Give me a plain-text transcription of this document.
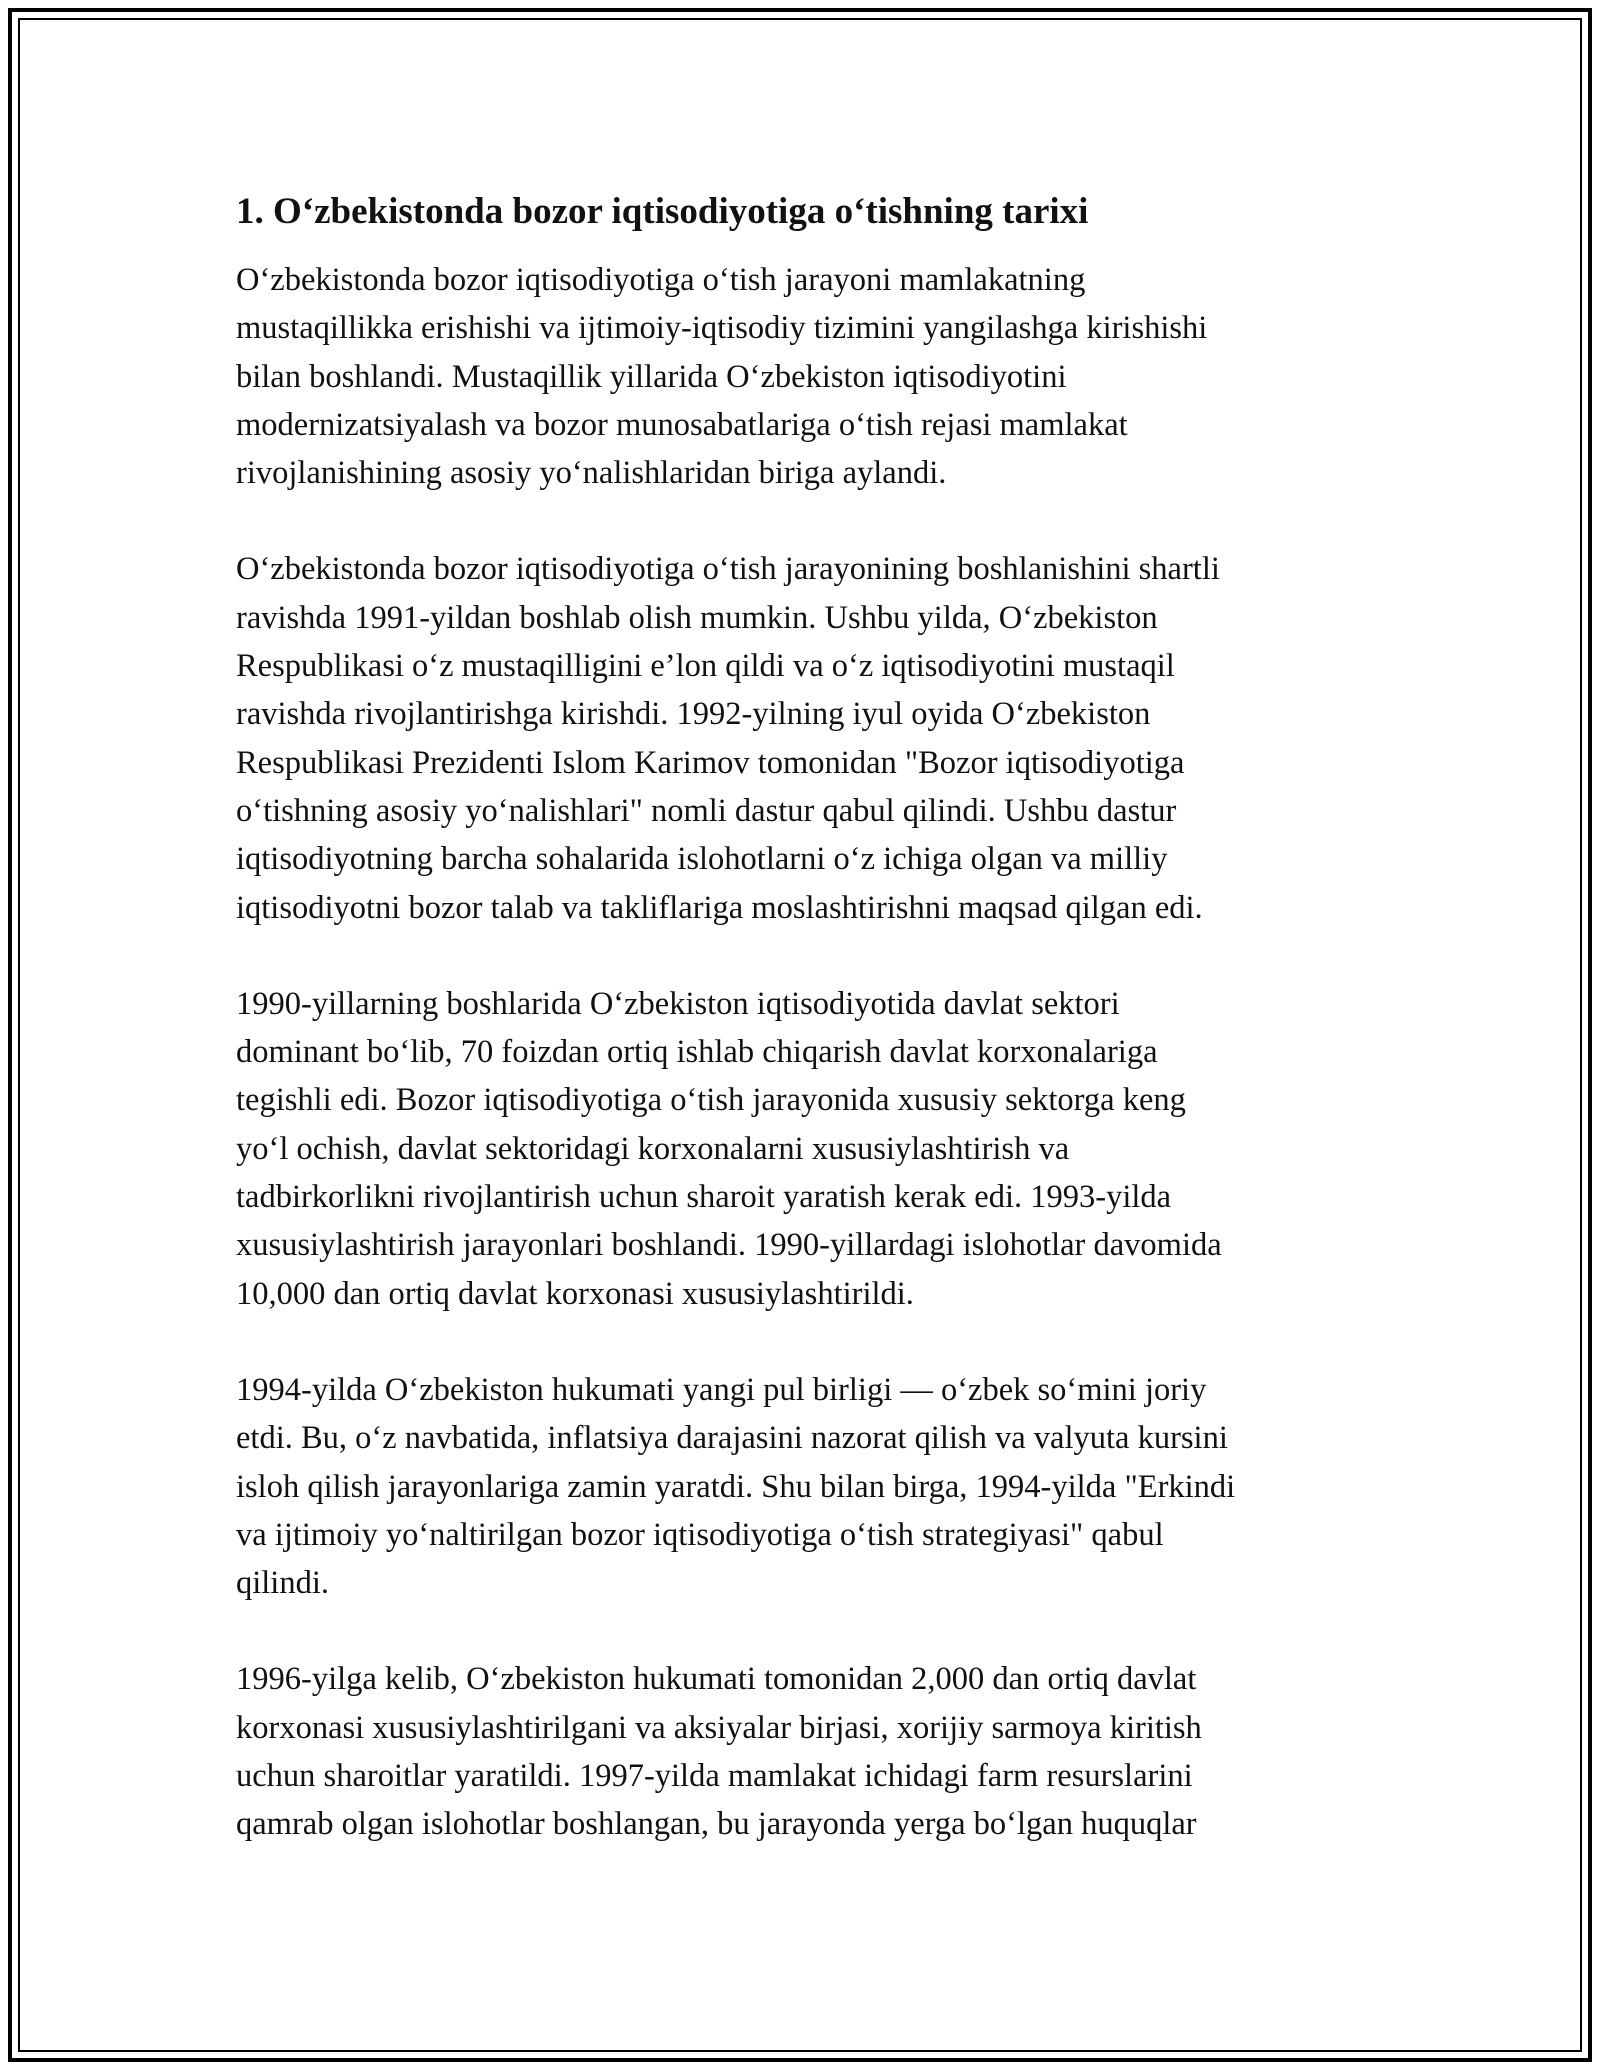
1. O‘zbekistonda bozor iqtisodiyotiga o‘tishning tarixi
O‘zbekistonda bozor iqtisodiyotiga o‘tish jarayoni mamlakatning
mustaqillikka erishishi va ijtimoiy-iqtisodiy tizimini yangilashga kirishishi
bilan boshlandi. Mustaqillik yillarida O‘zbekiston iqtisodiyotini
modernizatsiyalash va bozor munosabatlariga o‘tish rejasi mamlakat
rivojlanishining asosiy yo‘nalishlaridan biriga aylandi.
O‘zbekistonda bozor iqtisodiyotiga o‘tish jarayonining boshlanishini shartli
ravishda 1991-yildan boshlab olish mumkin. Ushbu yilda, O‘zbekiston
Respublikasi o‘z mustaqilligini e’lon qildi va o‘z iqtisodiyotini mustaqil
ravishda rivojlantirishga kirishdi. 1992-yilning iyul oyida O‘zbekiston
Respublikasi Prezidenti Islom Karimov tomonidan "Bozor iqtisodiyotiga
o‘tishning asosiy yo‘nalishlari" nomli dastur qabul qilindi. Ushbu dastur
iqtisodiyotning barcha sohalarida islohotlarni o‘z ichiga olgan va milliy
iqtisodiyotni bozor talab va takliflariga moslashtirishni maqsad qilgan edi.
1990-yillarning boshlarida O‘zbekiston iqtisodiyotida davlat sektori
dominant bo‘lib, 70 foizdan ortiq ishlab chiqarish davlat korxonalariga
tegishli edi. Bozor iqtisodiyotiga o‘tish jarayonida xususiy sektorga keng
yo‘l ochish, davlat sektoridagi korxonalarni xususiylashtirish va
tadbirkorlikni rivojlantirish uchun sharoit yaratish kerak edi. 1993-yilda
xususiylashtirish jarayonlari boshlandi. 1990-yillardagi islohotlar davomida
10,000 dan ortiq davlat korxonasi xususiylashtirildi.
1994-yilda O‘zbekiston hukumati yangi pul birligi — o‘zbek so‘mini joriy
etdi. Bu, o‘z navbatida, inflatsiya darajasini nazorat qilish va valyuta kursini
isloh qilish jarayonlariga zamin yaratdi. Shu bilan birga, 1994-yilda "Erkindi
va ijtimoiy yo‘naltirilgan bozor iqtisodiyotiga o‘tish strategiyasi" qabul
qilindi.
1996-yilga kelib, O‘zbekiston hukumati tomonidan 2,000 dan ortiq davlat
korxonasi xususiylashtirilgani va aksiyalar birjasi, xorijiy sarmoya kiritish
uchun sharoitlar yaratildi. 1997-yilda mamlakat ichidagi farm resurslarini
qamrab olgan islohotlar boshlangan, bu jarayonda yerga bo‘lgan huquqlar
